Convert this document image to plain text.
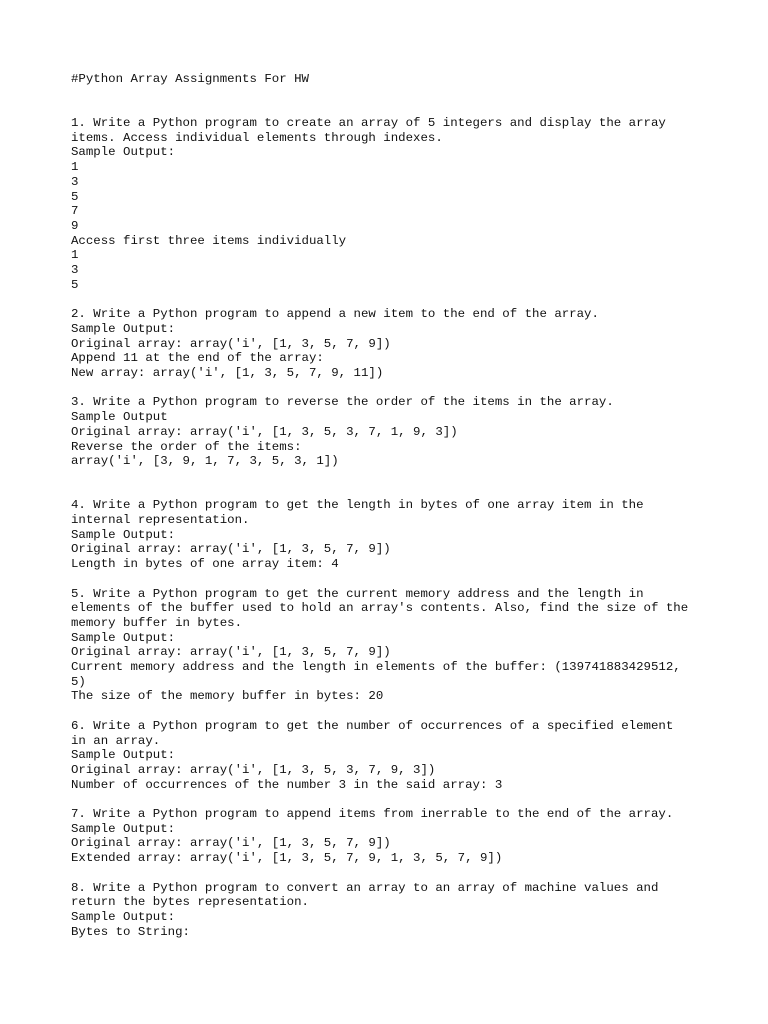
#Python Array Assignments For HW
1. Write a Python program to create an array of 5 integers and display the array
items. Access individual elements through indexes.
Sample Output:
1
3
5
7
9
Access first three items individually
1
3
5
2. Write a Python program to append a new item to the end of the array.
Sample Output:
Original array: array('i', [1, 3, 5, 7, 9])
Append 11 at the end of the array:
New array: array('i', [1, 3, 5, 7, 9, 11])
3. Write a Python program to reverse the order of the items in the array.
Sample Output
Original array: array('i', [1, 3, 5, 3, 7, 1, 9, 3])
Reverse the order of the items:
array('i', [3, 9, 1, 7, 3, 5, 3, 1])
4. Write a Python program to get the length in bytes of one array item in the
internal representation.
Sample Output:
Original array: array('i', [1, 3, 5, 7, 9])
Length in bytes of one array item: 4
5. Write a Python program to get the current memory address and the length in
elements of the buffer used to hold an array's contents. Also, find the size of the
memory buffer in bytes.
Sample Output:
Original array: array('i', [1, 3, 5, 7, 9])
Current memory address and the length in elements of the buffer: (139741883429512,
5)
The size of the memory buffer in bytes: 20
6. Write a Python program to get the number of occurrences of a specified element
in an array.
Sample Output:
Original array: array('i', [1, 3, 5, 3, 7, 9, 3])
Number of occurrences of the number 3 in the said array: 3
7. Write a Python program to append items from inerrable to the end of the array.
Sample Output:
Original array: array('i', [1, 3, 5, 7, 9])
Extended array: array('i', [1, 3, 5, 7, 9, 1, 3, 5, 7, 9])
8. Write a Python program to convert an array to an array of machine values and
return the bytes representation.
Sample Output:
Bytes to String:
